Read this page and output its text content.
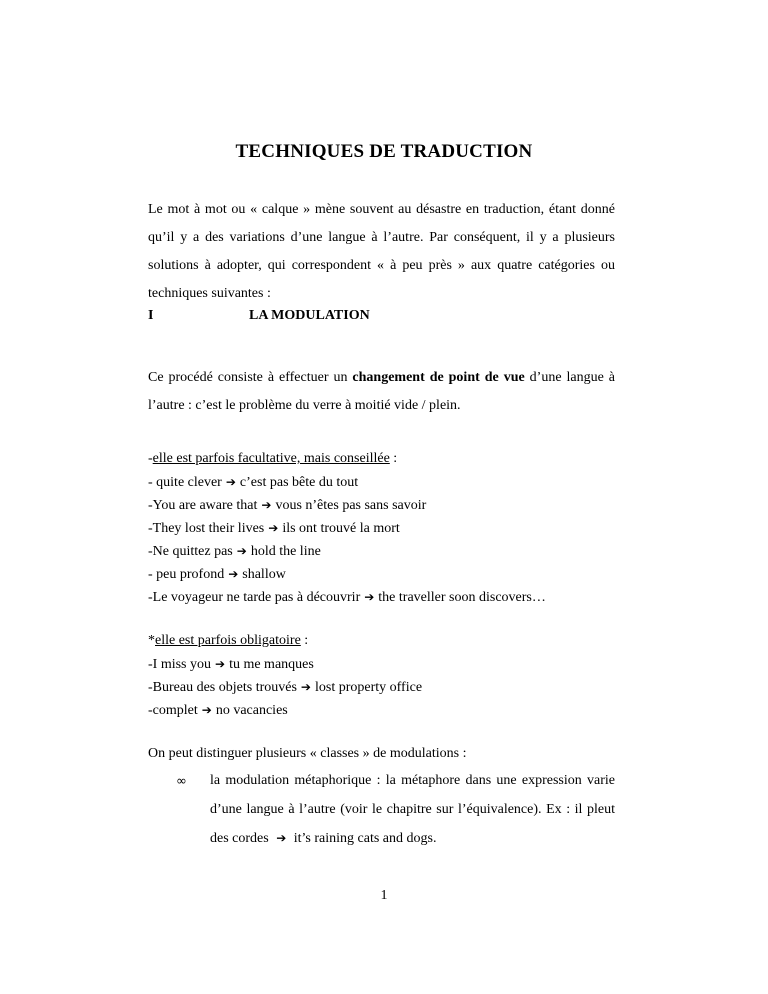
TECHNIQUES DE TRADUCTION

Le mot à mot ou « calque » mène souvent au désastre en traduction, étant donné qu’il y a des variations d’une langue à l’autre. Par conséquent, il y a plusieurs solutions à adopter, qui correspondent « à peu près » aux quatre catégories ou techniques suivantes :

I	LA MODULATION

Ce procédé consiste à effectuer un changement de point de vue d’une langue à l’autre : c’est le problème du verre à moitié vide / plein.

-elle est parfois facultative, mais conseillée :
- quite clever ➔ c’est pas bête du tout
-You are aware that ➔ vous n’êtes pas sans savoir
-They lost their lives ➔ ils ont trouvé la mort
-Ne quittez pas ➔ hold the line
- peu profond ➔ shallow
-Le voyageur ne tarde pas à découvrir ➔ the traveller soon discovers…
*elle est parfois obligatoire :
-I miss you ➔ tu me manques
-Bureau des objets trouvés ➔ lost property office
-complet ➔ no vacancies
On peut distinguer plusieurs « classes » de modulations :
∞ la modulation métaphorique : la métaphore dans une expression varie d’une langue à l’autre (voir le chapitre sur l’équivalence). Ex : il pleut des cordes ➔ it’s raining cats and dogs.

1
